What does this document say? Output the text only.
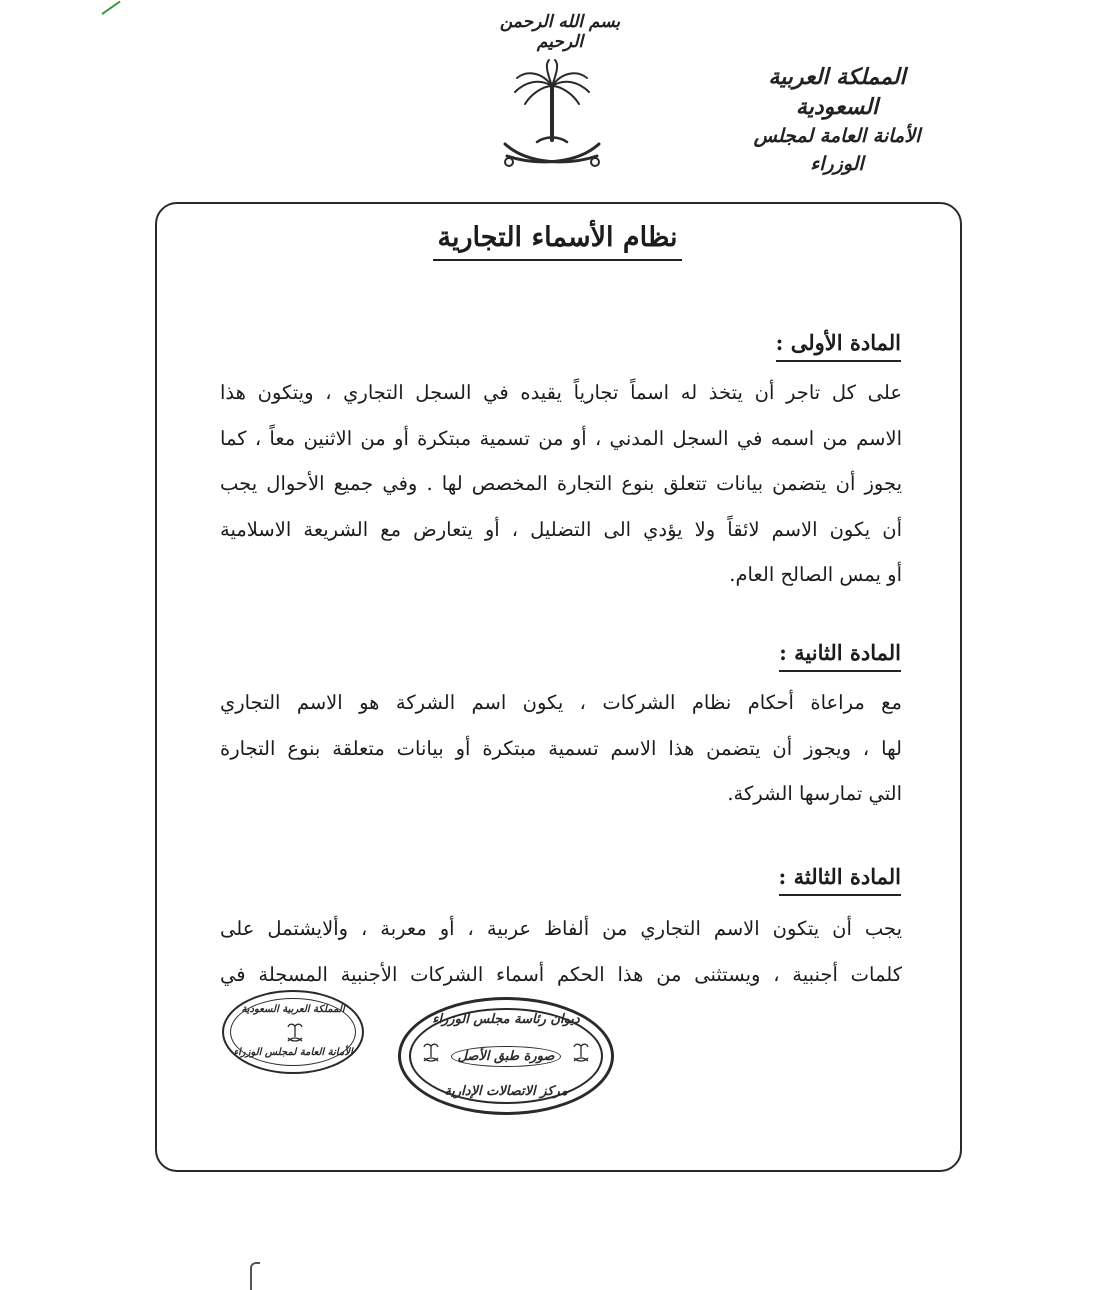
بسم الله الرحمن الرحيم
المملكة العربية السعودية
الأمانة العامة لمجلس الوزراء
نظام الأسماء التجارية
المادة الأولى :
على كل تاجر أن يتخذ له اسماً تجارياً يقيده في السجل التجاري ، ويتكون هذا
الاسم من اسمه في السجل المدني ، أو من تسمية مبتكرة أو من الاثنين معاً ، كما
يجوز أن يتضمن بيانات تتعلق بنوع التجارة المخصص لها . وفي جميع الأحوال يجب
أن يكون الاسم لائقاً ولا يؤدي الى التضليل ، أو يتعارض مع الشريعة الاسلامية
أو يمس الصالح العام.
المادة الثانية :
مع مراعاة أحكام نظام الشركات ، يكون اسم الشركة هو الاسم التجاري
لها ، ويجوز أن يتضمن هذا الاسم تسمية مبتكرة أو بيانات متعلقة بنوع التجارة
التي تمارسها الشركة.
المادة الثالثة :
يجب أن يتكون الاسم التجاري من ألفاظ عربية ، أو معربة ، وألايشتمل على
كلمات أجنبية ، ويستثنى من هذا الحكم أسماء الشركات الأجنبية المسجلة في
المملكة العربية السعودية
الأمانة العامة لمجلس الوزراء
ديوان رئاسة مجلس الوزراء
صورة طبق الأصل
مركز الاتصالات الإدارية
